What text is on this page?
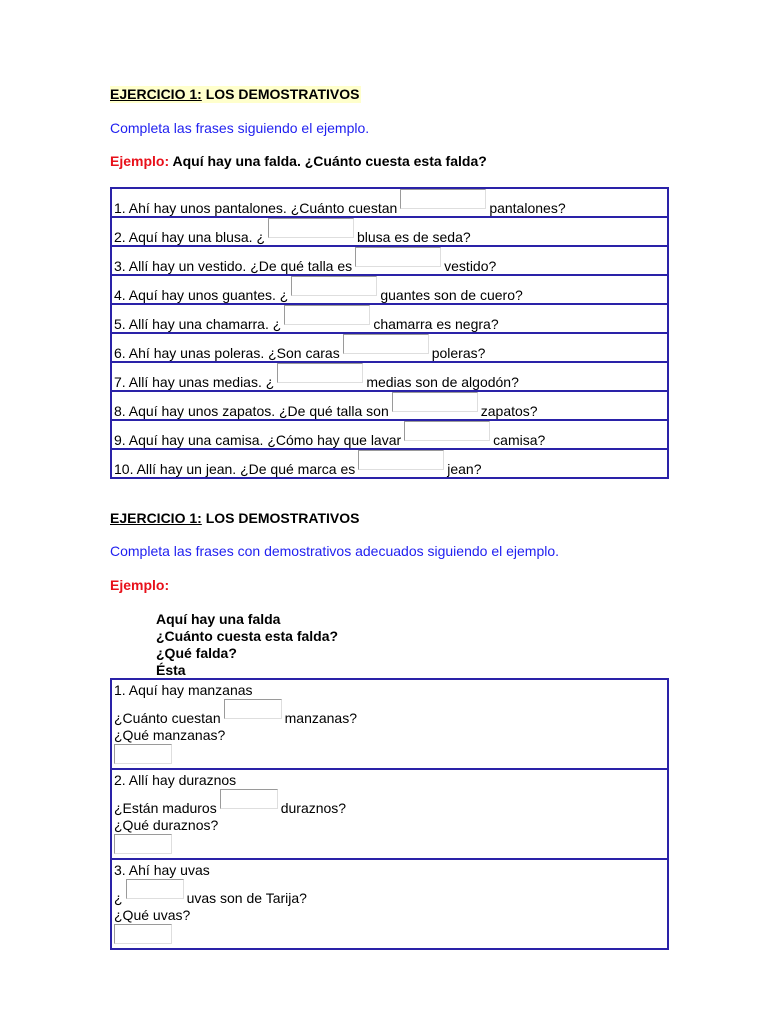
EJERCICIO 1: LOS DEMOSTRATIVOS
Completa las frases siguiendo el ejemplo.
Ejemplo: Aquí hay una falda. ¿Cuánto cuesta esta falda?
1. Ahí hay unos pantalones. ¿Cuánto cuestan	pantalones?
2. Aquí hay una blusa. ¿	blusa es de seda?
3. Allí hay un vestido. ¿De qué talla es	vestido?
4. Aquí hay unos guantes. ¿	guantes son de cuero?
5. Allí hay una chamarra. ¿	chamarra es negra?
6. Ahí hay unas poleras. ¿Son caras	poleras?
7. Allí hay unas medias. ¿	medias son de algodón?
8. Aquí hay unos zapatos. ¿De qué talla son	zapatos?
9. Aquí hay una camisa. ¿Cómo hay que lavar	camisa?
10. Allí hay un jean. ¿De qué marca es	jean?
EJERCICIO 1: LOS DEMOSTRATIVOS
Completa las frases con demostrativos adecuados siguiendo el ejemplo.
Ejemplo:
Aquí hay una falda
¿Cuánto cuesta esta falda?
¿Qué falda?
Ésta
1. Aquí hay manzanas
¿Cuánto cuestan	manzanas?
¿Qué manzanas?

2. Allí hay duraznos
¿Están maduros	duraznos?
¿Qué duraznos?

3. Ahí hay uvas
¿	uvas son de Tarija?
¿Qué uvas?
